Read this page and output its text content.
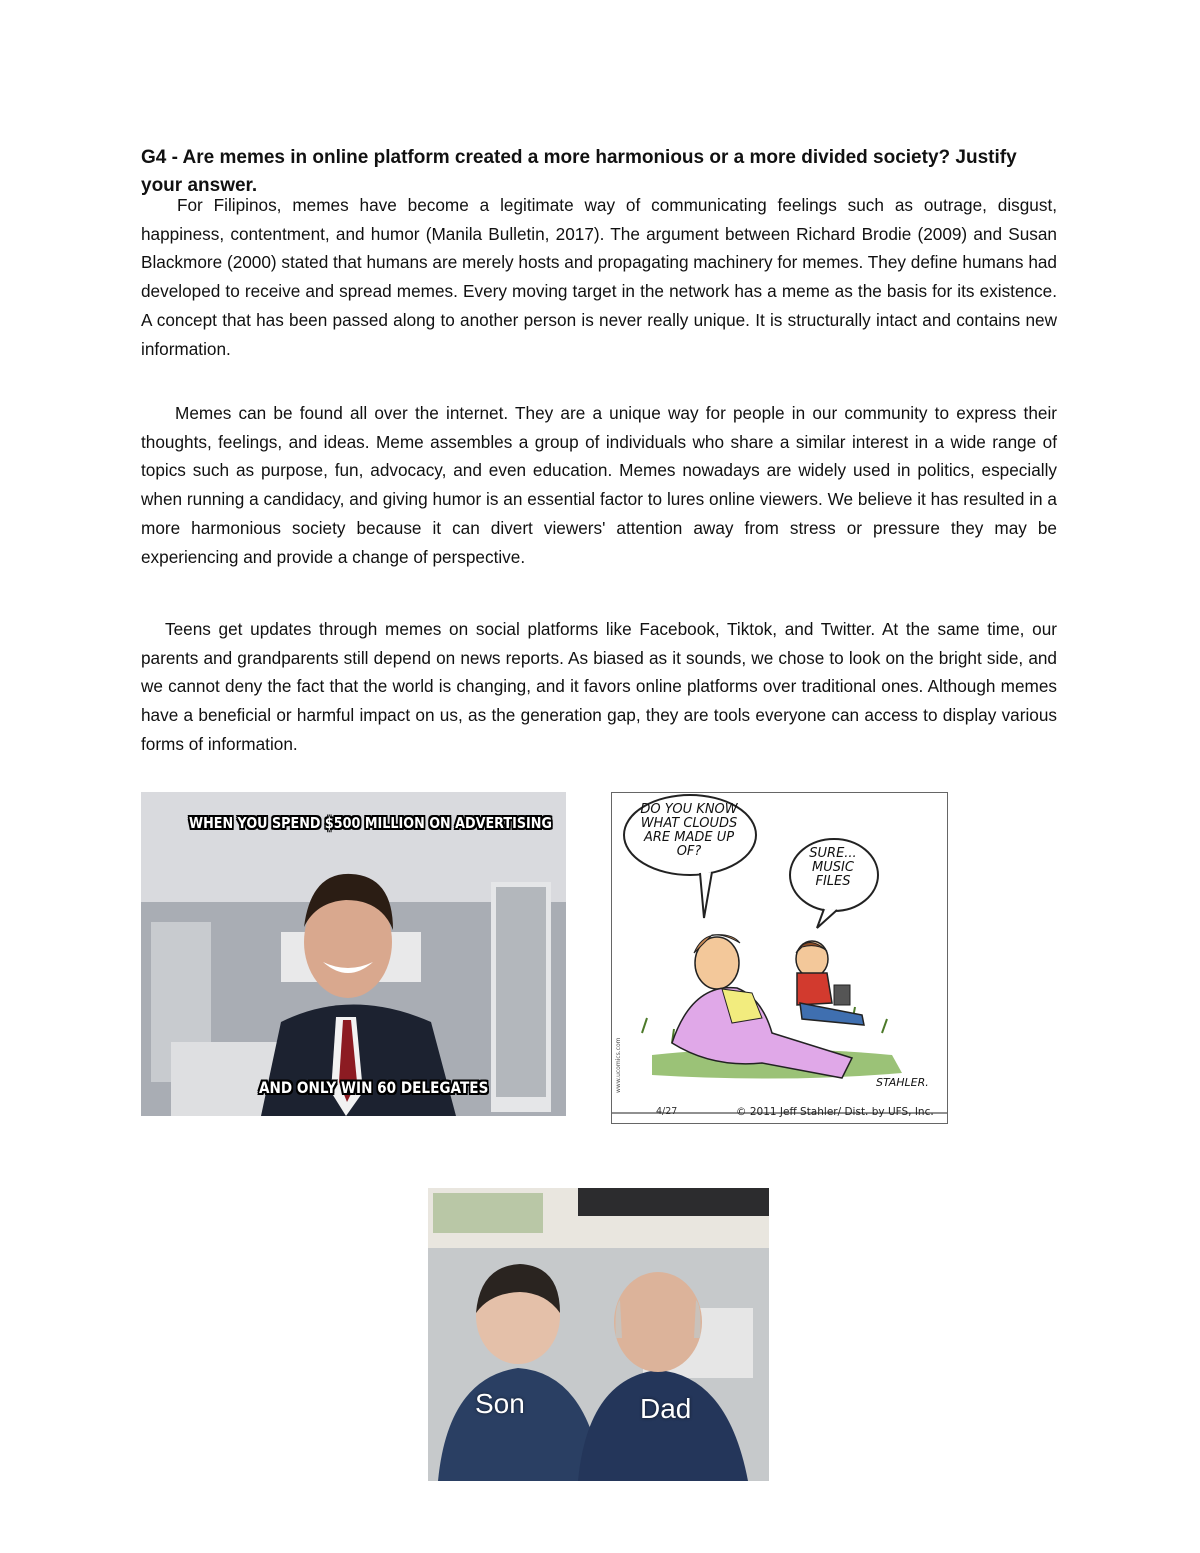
G4 - Are memes in online platform created a more harmonious or a more divided society? Justify your answer.

For Filipinos, memes have become a legitimate way of communicating feelings such as outrage, disgust, happiness, contentment, and humor (Manila Bulletin, 2017). The argument between Richard Brodie (2009) and Susan Blackmore (2000) stated that humans are merely hosts and propagating machinery for memes. They define humans had developed to receive and spread memes. Every moving target in the network has a meme as the basis for its existence. A concept that has been passed along to another person is never really unique. It is structurally intact and contains new information.

Memes can be found all over the internet. They are a unique way for people in our community to express their thoughts, feelings, and ideas. Meme assembles a group of individuals who share a similar interest in a wide range of topics such as purpose, fun, advocacy, and even education. Memes nowadays are widely used in politics, especially when running a candidacy, and giving humor is an essential factor to lures online viewers. We believe it has resulted in a more harmonious society because it can divert viewers' attention away from stress or pressure they may be experiencing and provide a change of perspective.

Teens get updates through memes on social platforms like Facebook, Tiktok, and Twitter. At the same time, our parents and grandparents still depend on news reports. As biased as it sounds, we chose to look on the bright side, and we cannot deny the fact that the world is changing, and it favors online platforms over traditional ones. Although memes have a beneficial or harmful impact on us, as the generation gap, they are tools everyone can access to display various forms of information.

WHEN YOU SPEND $500 MILLION ON ADVERTISING
AND ONLY WIN 60 DELEGATES
DO YOU KNOW WHAT CLOUDS ARE MADE UP OF?	SURE... MUSIC FILES
STAHLER.
4/27	© 2011 Jeff Stahler/ Dist. by UFS, Inc.
www.ucomics.com
Son	Dad
